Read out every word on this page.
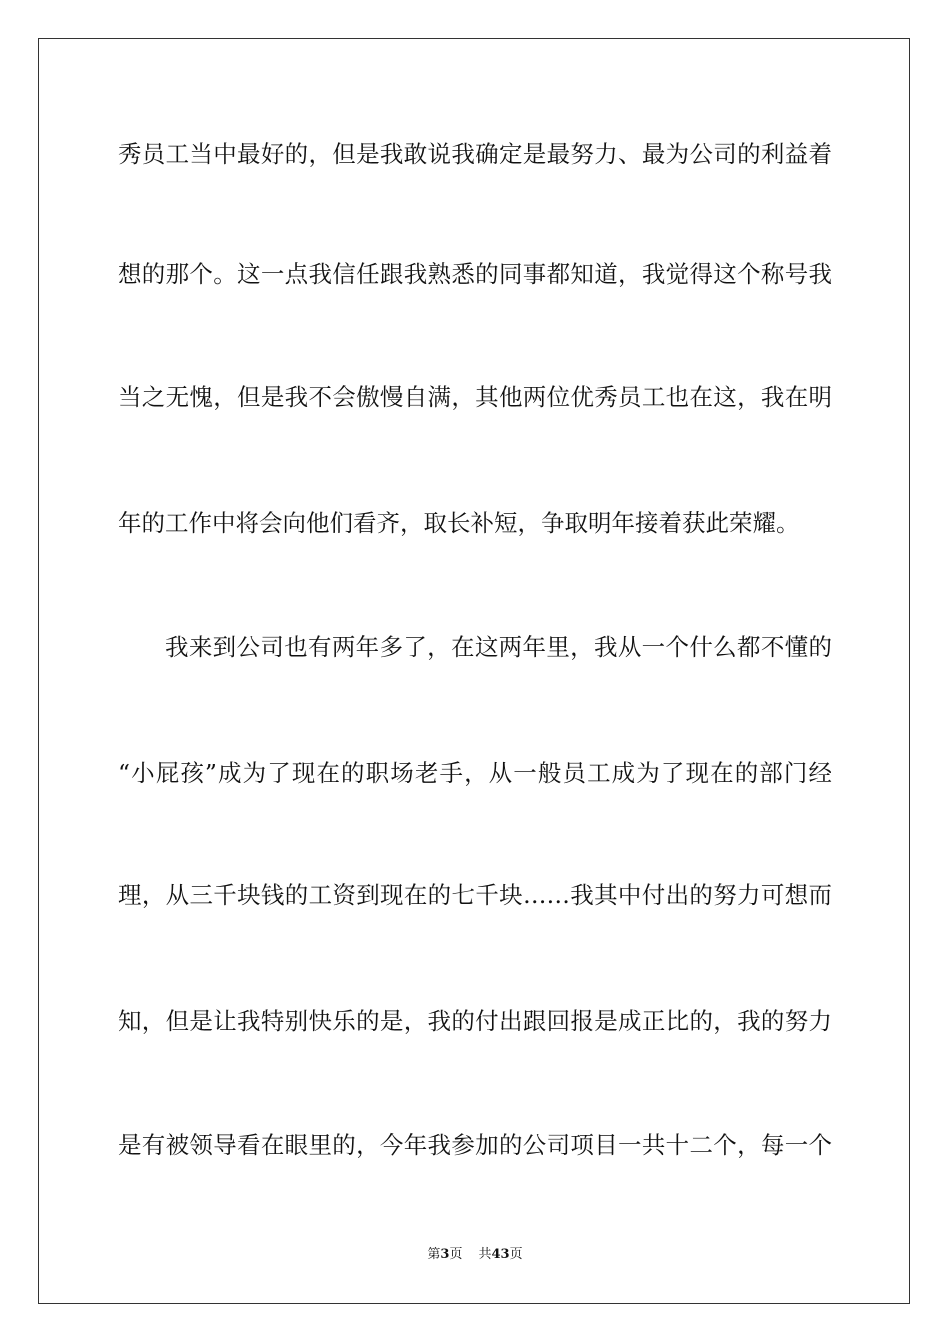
秀员工当中最好的，但是我敢说我确定是最努力、最为公司的利益着
想的那个。这一点我信任跟我熟悉的同事都知道，我觉得这个称号我
当之无愧，但是我不会傲慢自满，其他两位优秀员工也在这，我在明
年的工作中将会向他们看齐，取长补短，争取明年接着获此荣耀。
我来到公司也有两年多了，在这两年里，我从一个什么都不懂的
“小屁孩”成为了现在的职场老手，从一般员工成为了现在的部门经
理，从三千块钱的工资到现在的七千块……我其中付出的努力可想而
知，但是让我特别快乐的是，我的付出跟回报是成正比的，我的努力
是有被领导看在眼里的，今年我参加的公司项目一共十二个，每一个
第3页 共43页
